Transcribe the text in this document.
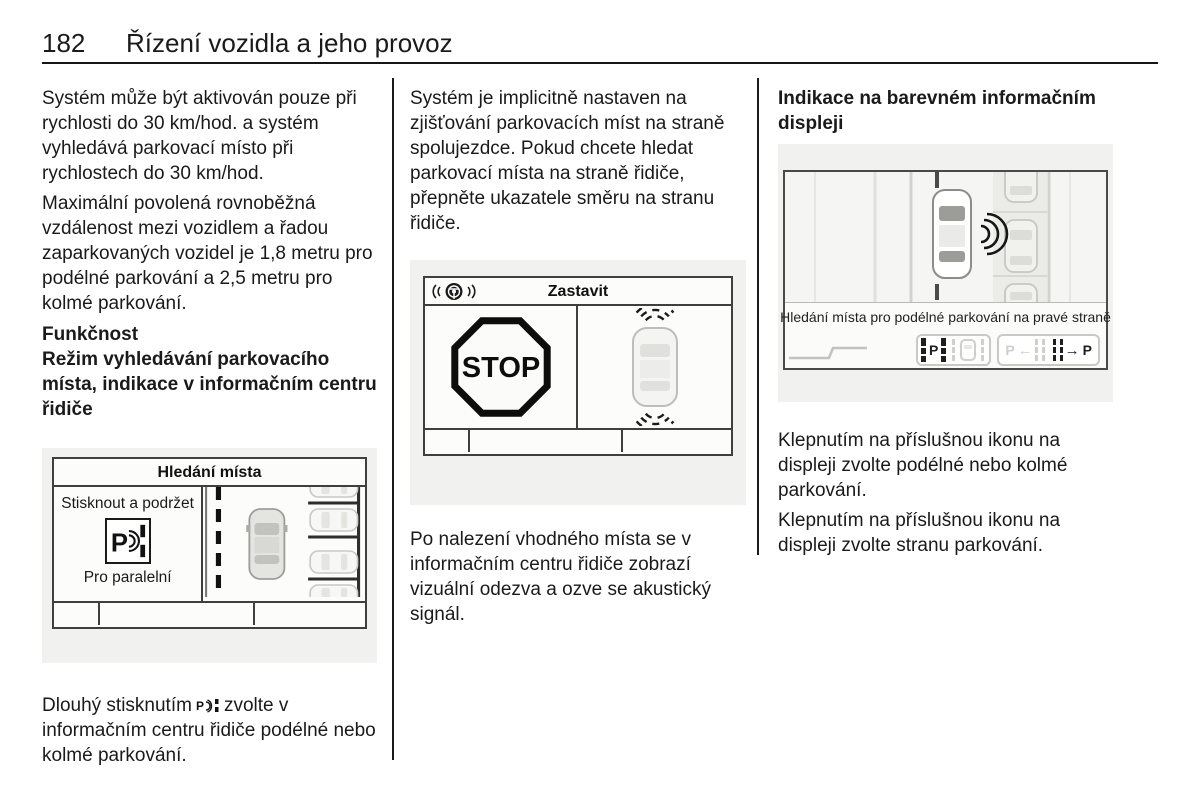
182 Řízení vozidla a jeho provoz

Systém může být aktivován pouze při rychlosti do 30 km/hod. a systém vyhledává parkovací místo při rychlostech do 30 km/hod.

Maximální povolená rovnoběžná vzdálenost mezi vozidlem a řadou zaparkovaných vozidel je 1,8 metru pro podélné parkování a 2,5 metru pro kolmé parkování.

Funkčnost
Režim vyhledávání parkovacího místa, indikace v informačním centru řidiče
Hledání místa
Stisknout a podržet
P
Pro paralelní

Dlouhý stisknutím P zvolte v informačním centru řidiče podélné nebo kolmé parkování.

Systém je implicitně nastaven na zjišťování parkovacích míst na straně spolujezdce. Pokud chcete hledat parkovací místa na straně řidiče, přepněte ukazatele směru na stranu řidiče.

Zastavit
STOP

Po nalezení vhodného místa se v informačním centru řidiče zobrazí vizuální odezva a ozve se akustický signál.

Indikace na barevném informačním displeji
Hledání místa pro podélné parkování na pravé straně
P	P ← → P

Klepnutím na příslušnou ikonu na displeji zvolte podélné nebo kolmé parkování.

Klepnutím na příslušnou ikonu na displeji zvolte stranu parkování.
